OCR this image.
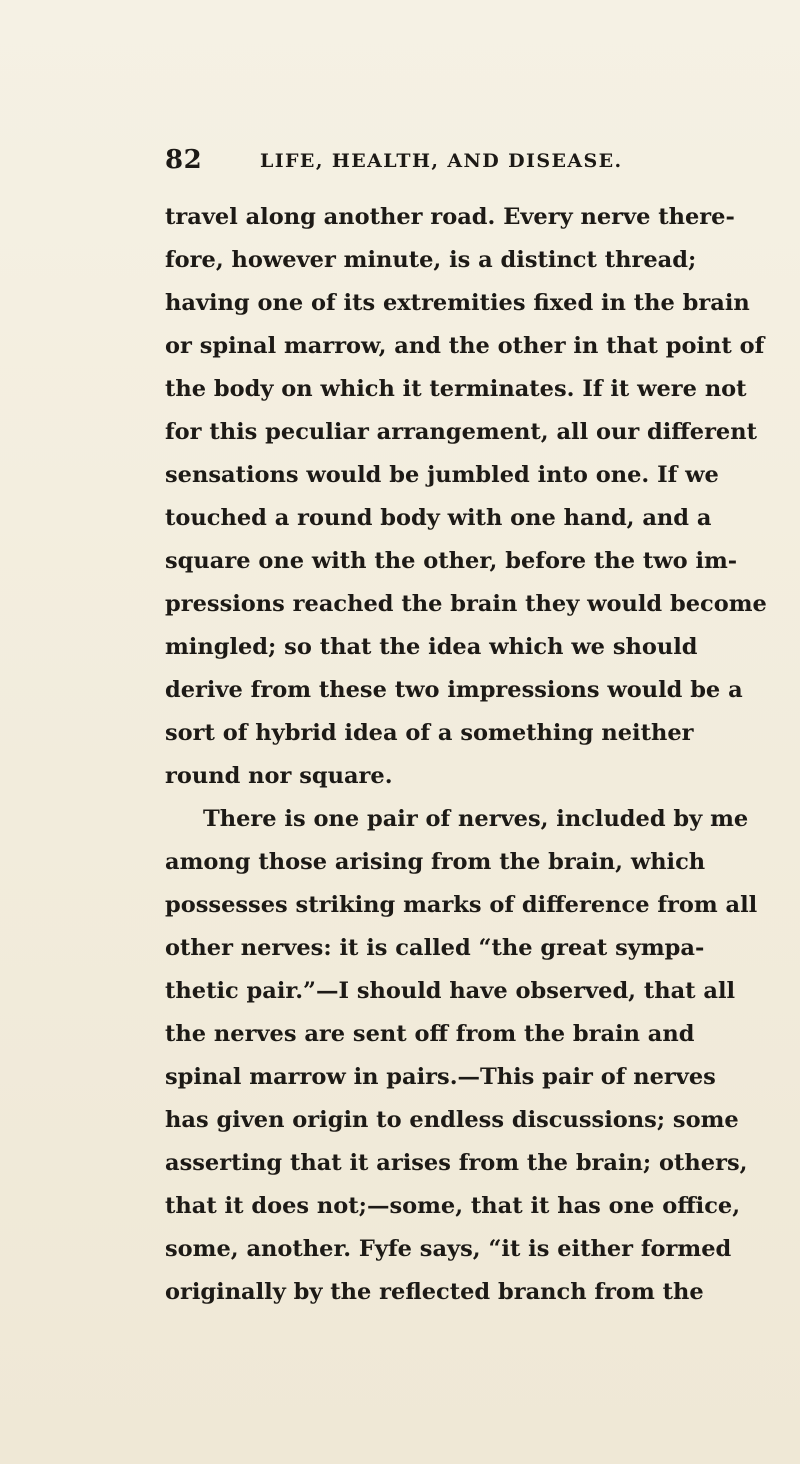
82	LIFE, HEALTH, AND DISEASE.
travel along another road. Every nerve there-
fore, however minute, is a distinct thread;
having one of its extremities fixed in the brain
or spinal marrow, and the other in that point of
the body on which it terminates. If it were not
for this peculiar arrangement, all our different
sensations would be jumbled into one. If we
touched a round body with one hand, and a
square one with the other, before the two im-
pressions reached the brain they would become
mingled; so that the idea which we should
derive from these two impressions would be a
sort of hybrid idea of a something neither
round nor square.
There is one pair of nerves, included by me
among those arising from the brain, which
possesses striking marks of difference from all
other nerves: it is called “the great sympa-
thetic pair.”—I should have observed, that all
the nerves are sent off from the brain and
spinal marrow in pairs.—This pair of nerves
has given origin to endless discussions; some
asserting that it arises from the brain; others,
that it does not;—some, that it has one office,
some, another. Fyfe says, “it is either formed
originally by the reflected branch from the
